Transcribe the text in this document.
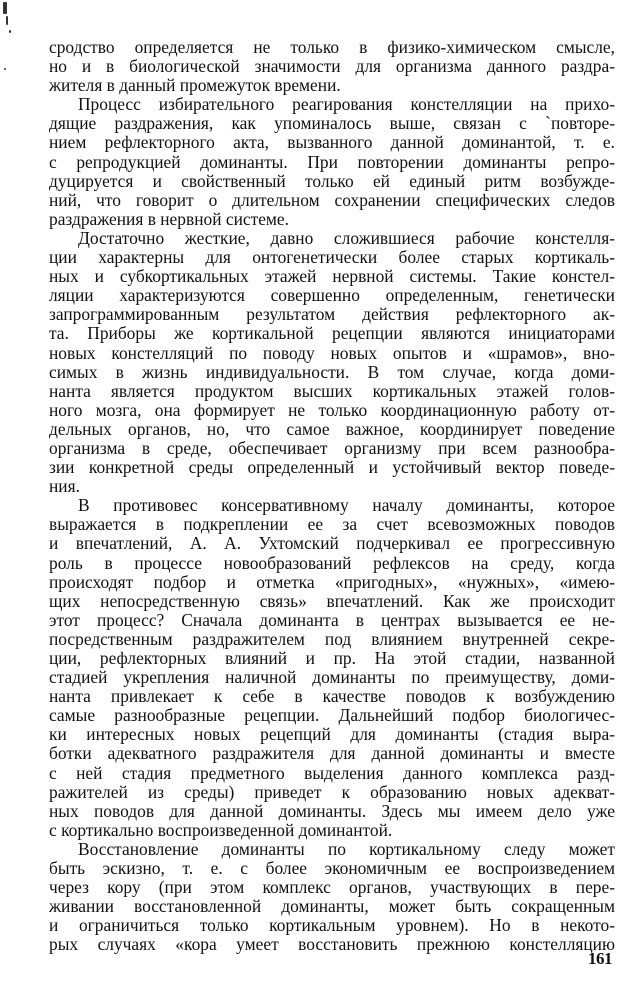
сродство определяется не только в физико-химическом смысле,
но и в биологической значимости для организма данного раздра-
жителя в данный промежуток времени.
Процесс избирательного реагирования констелляции на прихо-
дящие раздражения, как упоминалось выше, связан с `повторе-
нием рефлекторного акта, вызванного данной доминантой, т. е.
с репродукцией доминанты. При повторении доминанты репро-
дуцируется и свойственный только ей единый ритм возбужде-
ний, что говорит о длительном сохранении специфических следов
раздражения в нервной системе.
Достаточно жесткие, давно сложившиеся рабочие констелля-
ции характерны для онтогенетически более старых кортикаль-
ных и субкортикальных этажей нервной системы. Такие констел-
ляции характеризуются совершенно определенным, генетически
запрограммированным результатом действия рефлекторного ак-
та. Приборы же кортикальной рецепции являются инициаторами
новых констелляций по поводу новых опытов и «шрамов», вно-
симых в жизнь индивидуальности. В том случае, когда доми-
нанта является продуктом высших кортикальных этажей голов-
ного мозга, она формирует не только координационную работу от-
дельных органов, но, что самое важное, координирует поведение
организма в среде, обеспечивает организму при всем разнообра-
зии конкретной среды определенный и устойчивый вектор поведе-
ния.
В противовес консервативному началу доминанты, которое
выражается в подкреплении ее за счет всевозможных поводов
и впечатлений, А. А. Ухтомский подчеркивал ее прогрессивную
роль в процессе новообразований рефлексов на среду, когда
происходят подбор и отметка «пригодных», «нужных», «имею-
щих непосредственную связь» впечатлений. Как же происходит
этот процесс? Сначала доминанта в центрах вызывается ее не-
посредственным раздражителем под влиянием внутренней секре-
ции, рефлекторных влияний и пр. На этой стадии, названной
стадией укрепления наличной доминанты по преимуществу, доми-
нанта привлекает к себе в качестве поводов к возбуждению
самые разнообразные рецепции. Дальнейший подбор биологичес-
ки интересных новых рецепций для доминанты (стадия выра-
ботки адекватного раздражителя для данной доминанты и вместе
с ней стадия предметного выделения данного комплекса разд-
ражителей из среды) приведет к образованию новых адекват-
ных поводов для данной доминанты. Здесь мы имеем дело уже
с кортикально воспроизведенной доминантой.
Восстановление доминанты по кортикальному следу может
быть эскизно, т. е. с более экономичным ее воспроизведением
через кору (при этом комплекс органов, участвующих в пере-
живании восстановленной доминанты, может быть сокращенным
и ограничиться только кортикальным уровнем). Но в некото-
рых случаях «кора умеет восстановить прежнюю констелляцию
161
